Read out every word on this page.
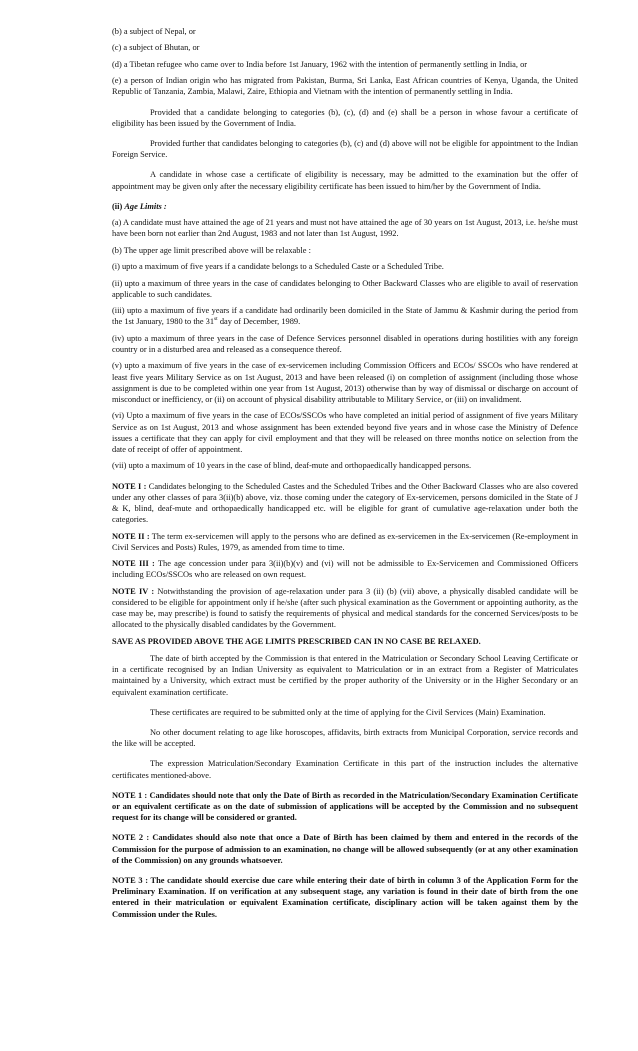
(b) a subject of Nepal, or

(c) a subject of Bhutan, or

(d) a Tibetan refugee who came over to India before 1st January, 1962 with the intention of permanently settling in India, or

(e) a person of Indian origin who has migrated from Pakistan, Burma, Sri Lanka, East African countries of Kenya, Uganda, the United Republic of Tanzania, Zambia, Malawi, Zaire, Ethiopia and Vietnam with the intention of permanently settling in India.

Provided that a candidate belonging to categories (b), (c), (d) and (e) shall be a person in whose favour a certificate of eligibility has been issued by the Government of India.

Provided further that candidates belonging to categories (b), (c) and (d) above will not be eligible for appointment to the Indian Foreign Service.

A candidate in whose case a certificate of eligibility is necessary, may be admitted to the examination but the offer of appointment may be given only after the necessary eligibility certificate has been issued to him/her by the Government of India.

(ii) Age Limits :

(a) A candidate must have attained the age of 21 years and must not have attained the age of 30 years on 1st August, 2013, i.e. he/she must have been born not earlier than 2nd August, 1983 and not later than 1st August, 1992.

(b) The upper age limit prescribed above will be relaxable :

(i) upto a maximum of five years if a candidate belongs to a Scheduled Caste or a Scheduled Tribe.

(ii) upto a maximum of three years in the case of candidates belonging to Other Backward Classes who are eligible to avail of reservation applicable to such candidates.

(iii) upto a maximum of five years if a candidate had ordinarily been domiciled in the State of Jammu & Kashmir during the period from the 1st January, 1980 to the 31st day of December, 1989.

(iv) upto a maximum of three years in the case of Defence Services personnel disabled in operations during hostilities with any foreign country or in a disturbed area and released as a consequence thereof.

(v) upto a maximum of five years in the case of ex-servicemen including Commission Officers and ECOs/ SSCOs who have rendered at least five years Military Service as on 1st August, 2013 and have been released (i) on completion of assignment (including those whose assignment is due to be completed within one year from 1st August, 2013) otherwise than by way of dismissal or discharge on account of misconduct or inefficiency, or (ii) on account of physical disability attributable to Military Service, or (iii) on invalidment.

(vi) Upto a maximum of five years in the case of ECOs/SSCOs who have completed an initial period of assignment of five years Military Service as on 1st August, 2013 and whose assignment has been extended beyond five years and in whose case the Ministry of Defence issues a certificate that they can apply for civil employment and that they will be released on three months notice on selection from the date of receipt of offer of appointment.

(vii) upto a maximum of 10 years in the case of blind, deaf-mute and orthopaedically handicapped persons.

NOTE I : Candidates belonging to the Scheduled Castes and the Scheduled Tribes and the Other Backward Classes who are also covered under any other classes of para 3(ii)(b) above, viz. those coming under the category of Ex-servicemen, persons domiciled in the State of J & K, blind, deaf-mute and orthopaedically handicapped etc. will be eligible for grant of cumulative age-relaxation under both the categories.

NOTE II : The term ex-servicemen will apply to the persons who are defined as ex-servicemen in the Ex-servicemen (Re-employment in Civil Services and Posts) Rules, 1979, as amended from time to time.

NOTE III : The age concession under para 3(ii)(b)(v) and (vi) will not be admissible to Ex-Servicemen and Commissioned Officers including ECOs/SSCOs who are released on own request.

NOTE IV : Notwithstanding the provision of age-relaxation under para 3 (ii) (b) (vii) above, a physically disabled candidate will be considered to be eligible for appointment only if he/she (after such physical examination as the Government or appointing authority, as the case may be, may prescribe) is found to satisfy the requirements of physical and medical standards for the concerned Services/posts to be allocated to the physically disabled candidates by the Government.

SAVE AS PROVIDED ABOVE THE AGE LIMITS PRESCRIBED CAN IN NO CASE BE RELAXED.

The date of birth accepted by the Commission is that entered in the Matriculation or Secondary School Leaving Certificate or in a certificate recognised by an Indian University as equivalent to Matriculation or in an extract from a Register of Matriculates maintained by a University, which extract must be certified by the proper authority of the University or in the Higher Secondary or an equivalent examination certificate.

These certificates are required to be submitted only at the time of applying for the Civil Services (Main) Examination.

No other document relating to age like horoscopes, affidavits, birth extracts from Municipal Corporation, service records and the like will be accepted.

The expression Matriculation/Secondary Examination Certificate in this part of the instruction includes the alternative certificates mentioned-above.

NOTE 1 : Candidates should note that only the Date of Birth as recorded in the Matriculation/Secondary Examination Certificate or an equivalent certificate as on the date of submission of applications will be accepted by the Commission and no subsequent request for its change will be considered or granted.

NOTE 2 : Candidates should also note that once a Date of Birth has been claimed by them and entered in the records of the Commission for the purpose of admission to an examination, no change will be allowed subsequently (or at any other examination of the Commission) on any grounds whatsoever.

NOTE 3 : The candidate should exercise due care while entering their date of birth in column 3 of the Application Form for the Preliminary Examination. If on verification at any subsequent stage, any variation is found in their date of birth from the one entered in their matriculation or equivalent Examination certificate, disciplinary action will be taken against them by the Commission under the Rules.
